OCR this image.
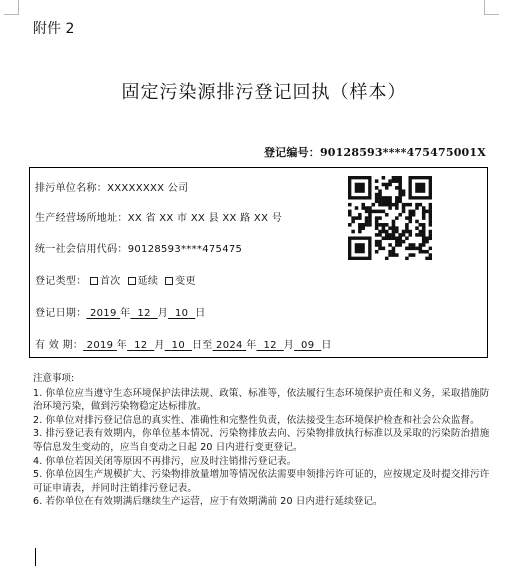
附件 2
固定污染源排污登记回执（样本）
登记编号：90128593****475475001X
排污单位名称：XXXXXXXX 公司
生产经营场所地址：XX 省 XX 市 XX 县 XX 路 XX 号
统一社会信用代码：90128593****475475
登记类型： 首次 延续 变更
登记日期： 2019 年 12 月 10 日
有 效 期： 2019 年 12 月 10 日至 2024 年 12 月 09 日
注意事项:

1. 你单位应当遵守生态环境保护法律法规、政策、标准等，依法履行生态环境保护责任和义务，采取措施防治环境污染，做到污染物稳定达标排放。

2. 你单位对排污登记信息的真实性、准确性和完整性负责，依法接受生态环境保护检查和社会公众监督。

3. 排污登记表有效期内，你单位基本情况、污染物排放去向、污染物排放执行标准以及采取的污染防治措施等信息发生变动的，应当自变动之日起 20 日内进行变更登记。

4. 你单位若因关闭等原因不再排污，应及时注销排污登记表。

5. 你单位因生产规模扩大、污染物排放量增加等情况依法需要申领排污许可证的，应按规定及时提交排污许可证申请表，并同时注销排污登记表。

6. 若你单位在有效期满后继续生产运营，应于有效期满前 20 日内进行延续登记。
